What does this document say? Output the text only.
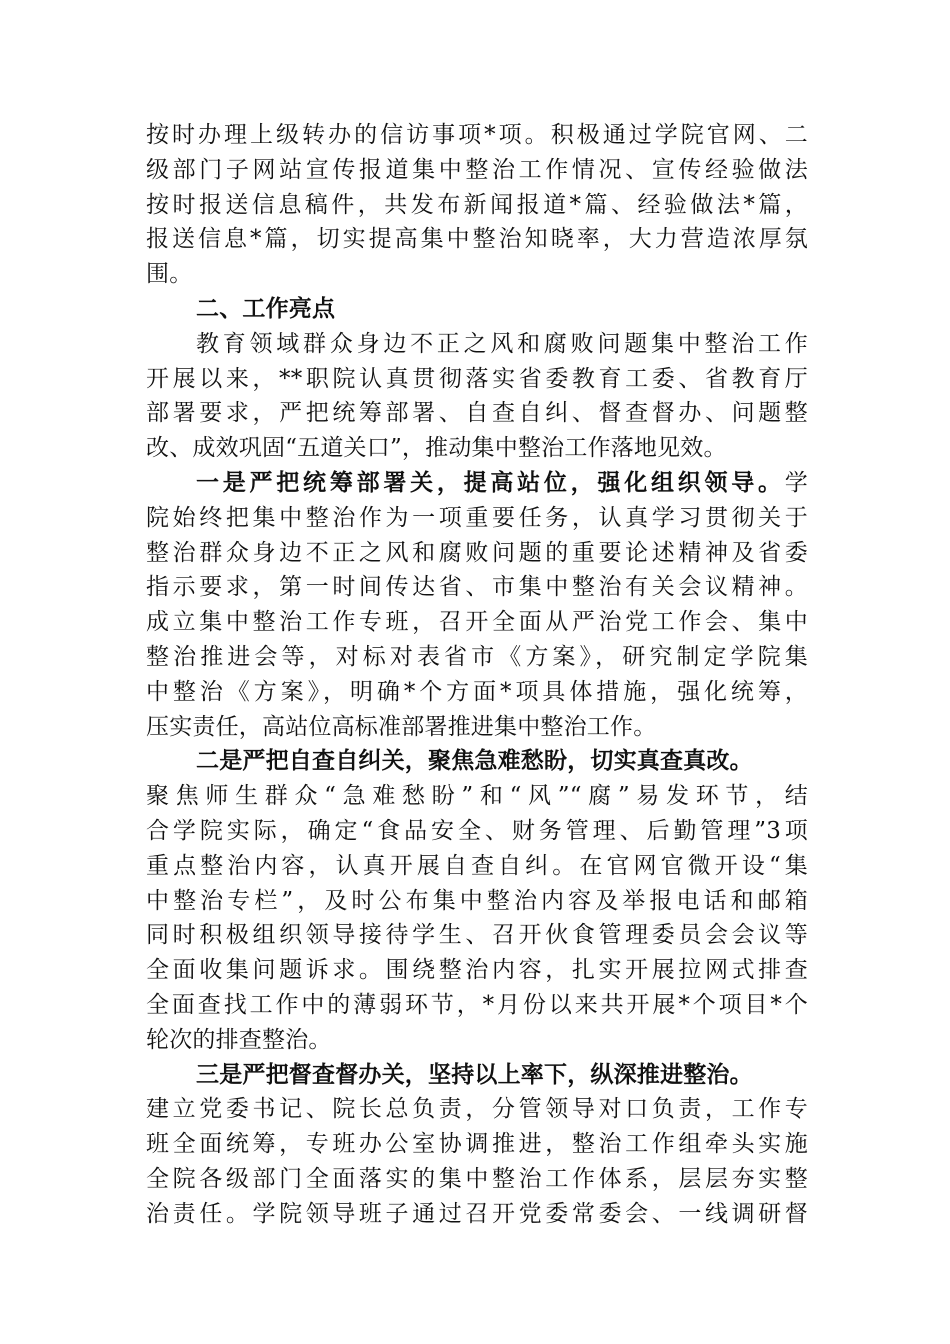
按时办理上级转办的信访事项*项。积极通过学院官网、二
级部门子网站宣传报道集中整治工作情况、宣传经验做法
按时报送信息稿件，共发布新闻报道*篇、经验做法*篇，
报送信息*篇，切实提高集中整治知晓率，大力营造浓厚氛
围。
二、工作亮点
教育领域群众身边不正之风和腐败问题集中整治工作
开展以来，**职院认真贯彻落实省委教育工委、省教育厅
部署要求，严把统筹部署、自查自纠、督查督办、问题整
改、成效巩固“五道关口”，推动集中整治工作落地见效。
一是严把统筹部署关，提高站位，强化组织领导。学
院始终把集中整治作为一项重要任务，认真学习贯彻关于
整治群众身边不正之风和腐败问题的重要论述精神及省委
指示要求，第一时间传达省、市集中整治有关会议精神。
成立集中整治工作专班，召开全面从严治党工作会、集中
整治推进会等，对标对表省市《方案》，研究制定学院集
中整治《方案》，明确*个方面*项具体措施，强化统筹，
压实责任，高站位高标准部署推进集中整治工作。
二是严把自查自纠关，聚焦急难愁盼，切实真查真改。
聚焦师生群众“急难愁盼”和“风”“腐”易发环节，结
合学院实际，确定“食品安全、财务管理、后勤管理”3项
重点整治内容，认真开展自查自纠。在官网官微开设“集
中整治专栏”，及时公布集中整治内容及举报电话和邮箱
同时积极组织领导接待学生、召开伙食管理委员会会议等
全面收集问题诉求。围绕整治内容，扎实开展拉网式排查
全面查找工作中的薄弱环节，*月份以来共开展*个项目*个
轮次的排查整治。
三是严把督查督办关，坚持以上率下，纵深推进整治。
建立党委书记、院长总负责，分管领导对口负责，工作专
班全面统筹，专班办公室协调推进，整治工作组牵头实施
全院各级部门全面落实的集中整治工作体系，层层夯实整
治责任。学院领导班子通过召开党委常委会、一线调研督
